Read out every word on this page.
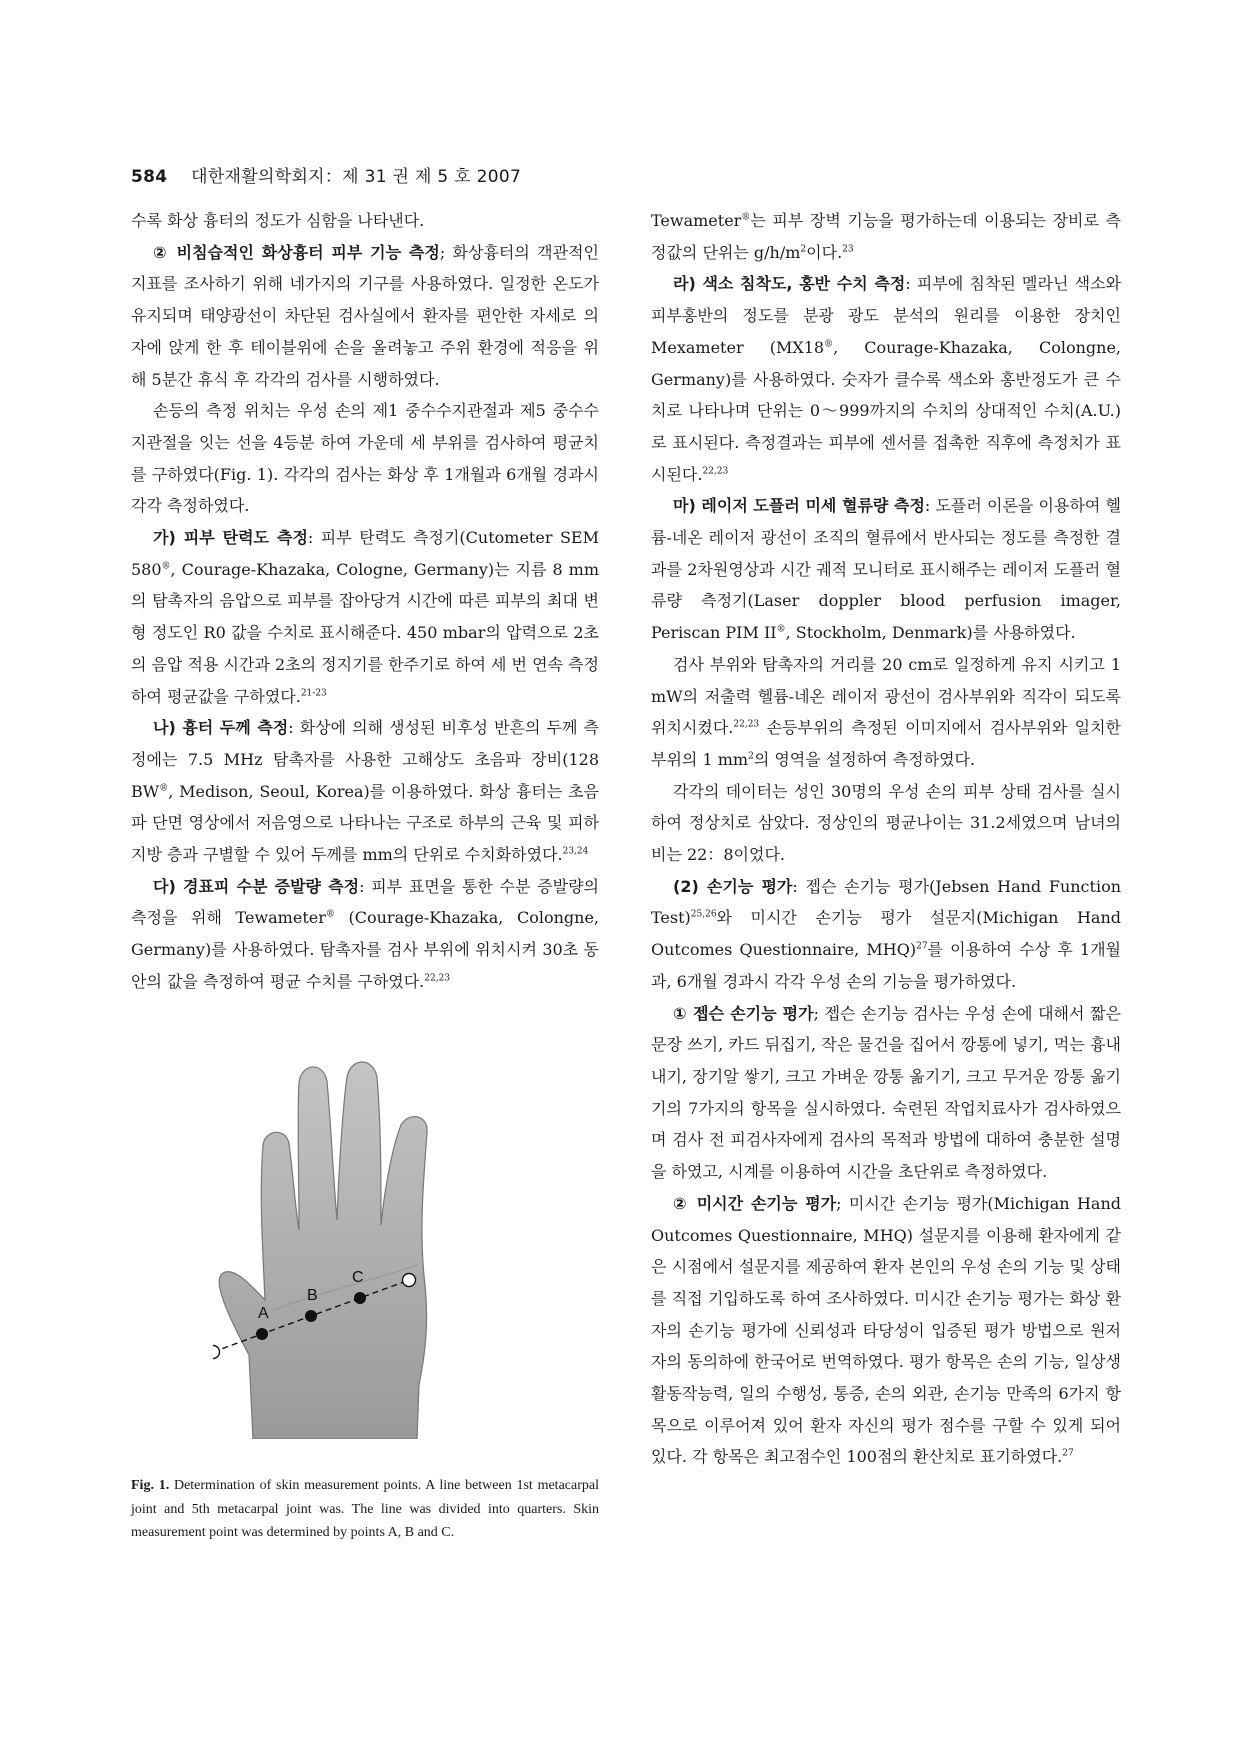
584 대한재활의학회지：제 31 권 제 5 호 2007

수록 화상 흉터의 정도가 심함을 나타낸다.

② 비침습적인 화상흉터 피부 기능 측정; 화상흉터의 객관적인 지표를 조사하기 위해 네가지의 기구를 사용하였다. 일정한 온도가 유지되며 태양광선이 차단된 검사실에서 환자를 편안한 자세로 의자에 앉게 한 후 테이블위에 손을 올려놓고 주위 환경에 적응을 위해 5분간 휴식 후 각각의 검사를 시행하였다.

손등의 측정 위치는 우성 손의 제1 중수수지관절과 제5 중수수지관절을 잇는 선을 4등분 하여 가운데 세 부위를 검사하여 평균치를 구하였다(Fig. 1). 각각의 검사는 화상 후 1개월과 6개월 경과시 각각 측정하였다.

가) 피부 탄력도 측정: 피부 탄력도 측정기(Cutometer SEM 580®, Courage-Khazaka, Cologne, Germany)는 지름 8 mm의 탐촉자의 음압으로 피부를 잡아당겨 시간에 따른 피부의 최대 변형 정도인 R0 값을 수치로 표시해준다. 450 mbar의 압력으로 2초의 음압 적용 시간과 2초의 정지기를 한주기로 하여 세 번 연속 측정하여 평균값을 구하였다.$^{21-23}$

나) 흉터 두께 측정: 화상에 의해 생성된 비후성 반흔의 두께 측정에는 7.5 MHz 탐촉자를 사용한 고해상도 초음파 장비(128 BW®, Medison, Seoul, Korea)를 이용하였다. 화상 흉터는 초음파 단면 영상에서 저음영으로 나타나는 구조로 하부의 근육 및 피하 지방 층과 구별할 수 있어 두께를 mm의 단위로 수치화하였다.$^{23,24}$

다) 경표피 수분 증발량 측정: 피부 표면을 통한 수분 증발량의 측정을 위해 Tewameter® (Courage-Khazaka, Colongne, Germany)를 사용하였다. 탐촉자를 검사 부위에 위치시켜 30초 동안의 값을 측정하여 평균 수치를 구하였다.$^{22,23}$

A
B
C
Fig. 1. Determination of skin measurement points. A line between 1st metacarpal joint and 5th metacarpal joint was. The line was divided into quarters. Skin measurement point was determined by points A, B and C.

Tewameter®는 피부 장벽 기능을 평가하는데 이용되는 장비로 측정값의 단위는 $g/h/m^2$이다.$^{23}$

라) 색소 침착도, 홍반 수치 측정: 피부에 침착된 멜라닌 색소와 피부홍반의 정도를 분광 광도 분석의 원리를 이용한 장치인 Mexameter (MX18®, Courage-Khazaka, Colongne, Germany)를 사용하였다. 숫자가 클수록 색소와 홍반정도가 큰 수치로 나타나며 단위는 0～999까지의 수치의 상대적인 수치(A.U.)로 표시된다. 측정결과는 피부에 센서를 접촉한 직후에 측정치가 표시된다.$^{22,23}$

마) 레이저 도플러 미세 혈류량 측정: 도플러 이론을 이용하여 헬륨-네온 레이저 광선이 조직의 혈류에서 반사되는 정도를 측정한 결과를 2차원영상과 시간 궤적 모니터로 표시해주는 레이저 도플러 혈류량 측정기(Laser doppler blood perfusion imager, Periscan PIM II®, Stockholm, Denmark)를 사용하였다.

검사 부위와 탐촉자의 거리를 20 cm로 일정하게 유지 시키고 1 mW의 저출력 헬륨-네온 레이저 광선이 검사부위와 직각이 되도록 위치시켰다.$^{22,23}$ 손등부위의 측정된 이미지에서 검사부위와 일치한 부위의 1 $mm^2$의 영역을 설정하여 측정하였다.

각각의 데이터는 성인 30명의 우성 손의 피부 상태 검사를 실시하여 정상치로 삼았다. 정상인의 평균나이는 31.2세였으며 남녀의 비는 22：8이었다.

(2) 손기능 평가: 젭슨 손기능 평가(Jebsen Hand Function Test)$^{25,26}$와 미시간 손기능 평가 설문지(Michigan Hand Outcomes Questionnaire, MHQ)$^{27}$를 이용하여 수상 후 1개월과, 6개월 경과시 각각 우성 손의 기능을 평가하였다.

① 젭슨 손기능 평가; 젭슨 손기능 검사는 우성 손에 대해서 짧은 문장 쓰기, 카드 뒤집기, 작은 물건을 집어서 깡통에 넣기, 먹는 흉내 내기, 장기알 쌓기, 크고 가벼운 깡통 옮기기, 크고 무거운 깡통 옮기기의 7가지의 항목을 실시하였다. 숙련된 작업치료사가 검사하였으며 검사 전 피검사자에게 검사의 목적과 방법에 대하여 충분한 설명을 하였고, 시계를 이용하여 시간을 초단위로 측정하였다.

② 미시간 손기능 평가; 미시간 손기능 평가(Michigan Hand Outcomes Questionnaire, MHQ) 설문지를 이용해 환자에게 같은 시점에서 설문지를 제공하여 환자 본인의 우성 손의 기능 및 상태를 직접 기입하도록 하여 조사하였다. 미시간 손기능 평가는 화상 환자의 손기능 평가에 신뢰성과 타당성이 입증된 평가 방법으로 원저자의 동의하에 한국어로 번역하였다. 평가 항목은 손의 기능, 일상생활동작능력, 일의 수행성, 통증, 손의 외관, 손기능 만족의 6가지 항목으로 이루어져 있어 환자 자신의 평가 점수를 구할 수 있게 되어 있다. 각 항목은 최고점수인 100점의 환산치로 표기하였다.$^{27}$
